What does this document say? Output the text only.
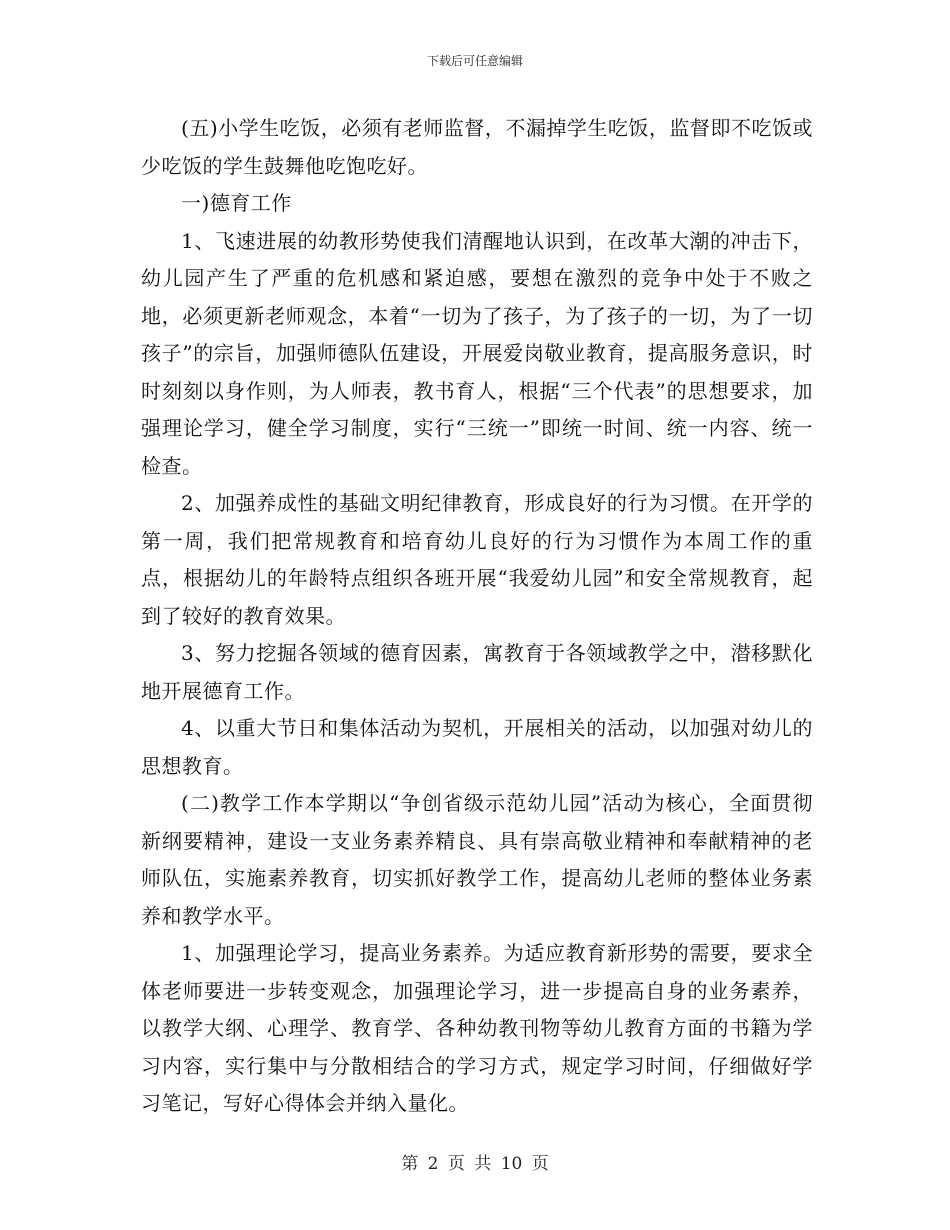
下载后可任意编辑

(五)小学生吃饭，必须有老师监督，不漏掉学生吃饭，监督即不吃饭或少吃饭的学生鼓舞他吃饱吃好。

一)德育工作

1、飞速进展的幼教形势使我们清醒地认识到，在改革大潮的冲击下，幼儿园产生了严重的危机感和紧迫感，要想在激烈的竞争中处于不败之地，必须更新老师观念，本着“一切为了孩子，为了孩子的一切，为了一切孩子”的宗旨，加强师德队伍建设，开展爱岗敬业教育，提高服务意识，时时刻刻以身作则，为人师表，教书育人，根据“三个代表”的思想要求，加强理论学习，健全学习制度，实行“三统一”即统一时间、统一内容、统一检查。

2、加强养成性的基础文明纪律教育，形成良好的行为习惯。在开学的第一周，我们把常规教育和培育幼儿良好的行为习惯作为本周工作的重点，根据幼儿的年龄特点组织各班开展“我爱幼儿园”和安全常规教育，起到了较好的教育效果。

3、努力挖掘各领域的德育因素，寓教育于各领域教学之中，潜移默化地开展德育工作。

4、以重大节日和集体活动为契机，开展相关的活动，以加强对幼儿的思想教育。

(二)教学工作本学期以“争创省级示范幼儿园”活动为核心，全面贯彻新纲要精神，建设一支业务素养精良、具有崇高敬业精神和奉献精神的老师队伍，实施素养教育，切实抓好教学工作，提高幼儿老师的整体业务素养和教学水平。

1、加强理论学习，提高业务素养。为适应教育新形势的需要，要求全体老师要进一步转变观念，加强理论学习，进一步提高自身的业务素养，以教学大纲、心理学、教育学、各种幼教刊物等幼儿教育方面的书籍为学习内容，实行集中与分散相结合的学习方式，规定学习时间，仔细做好学习笔记，写好心得体会并纳入量化。

第 2 页 共 10 页
